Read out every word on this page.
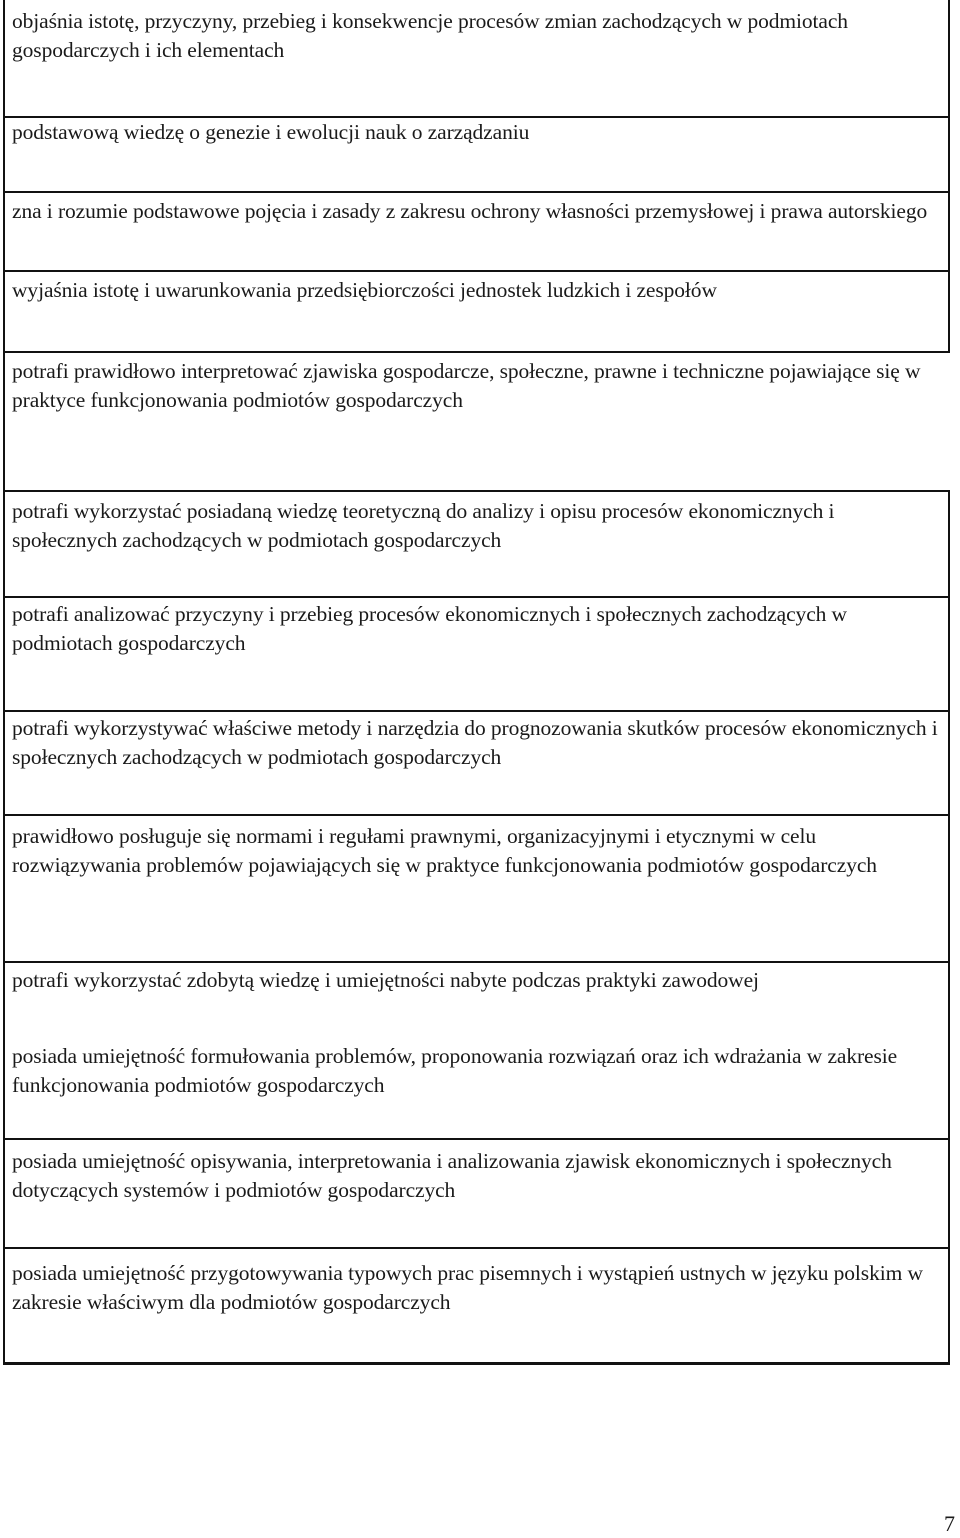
objaśnia istotę, przyczyny, przebieg i konsekwencje procesów zmian zachodzących w podmiotach gospodarczych i ich elementach
podstawową wiedzę o genezie i ewolucji nauk o zarządzaniu
zna i rozumie podstawowe pojęcia i zasady z zakresu ochrony własności przemysłowej i prawa autorskiego
wyjaśnia istotę i uwarunkowania przedsiębiorczości jednostek ludzkich i zespołów
potrafi prawidłowo interpretować zjawiska gospodarcze, społeczne, prawne i techniczne pojawiające się w praktyce funkcjonowania podmiotów gospodarczych
potrafi wykorzystać posiadaną wiedzę teoretyczną do analizy i opisu procesów ekonomicznych i społecznych zachodzących w podmiotach gospodarczych
potrafi analizować przyczyny i przebieg procesów ekonomicznych i społecznych zachodzących w podmiotach gospodarczych
potrafi wykorzystywać właściwe metody i narzędzia do prognozowania skutków procesów ekonomicznych i społecznych zachodzących w podmiotach gospodarczych
prawidłowo posługuje się normami i regułami prawnymi, organizacyjnymi i etycznymi w celu rozwiązywania problemów pojawiających się w praktyce funkcjonowania podmiotów gospodarczych
potrafi wykorzystać zdobytą wiedzę i umiejętności nabyte podczas praktyki zawodowej
posiada umiejętność formułowania problemów, proponowania rozwiązań oraz ich wdrażania w zakresie funkcjonowania podmiotów gospodarczych
posiada umiejętność opisywania, interpretowania i analizowania zjawisk ekonomicznych i społecznych dotyczących systemów i podmiotów gospodarczych
posiada umiejętność przygotowywania typowych prac pisemnych i wystąpień ustnych w języku polskim w zakresie właściwym dla podmiotów gospodarczych
7
